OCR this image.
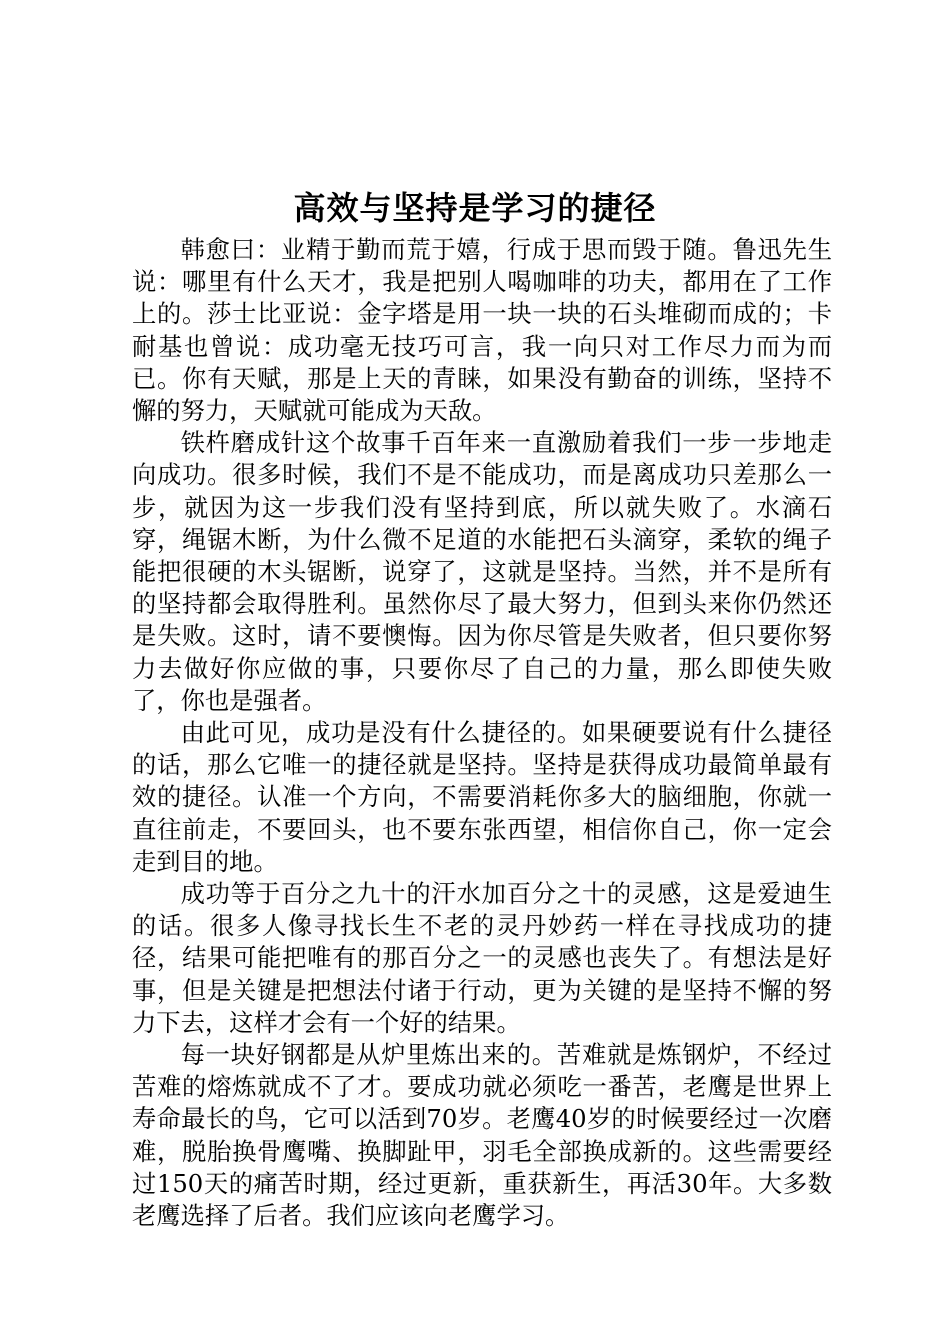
高效与坚持是学习的捷径

韩愈曰：业精于勤而荒于嬉，行成于思而毁于随。鲁迅先生说：哪里有什么天才，我是把别人喝咖啡的功夫，都用在了工作上的。莎士比亚说：金字塔是用一块一块的石头堆砌而成的；卡耐基也曾说：成功毫无技巧可言，我一向只对工作尽力而为而已。你有天赋，那是上天的青睐，如果没有勤奋的训练，坚持不懈的努力，天赋就可能成为天敌。

铁杵磨成针这个故事千百年来一直激励着我们一步一步地走向成功。很多时候，我们不是不能成功，而是离成功只差那么一步，就因为这一步我们没有坚持到底，所以就失败了。水滴石穿，绳锯木断，为什么微不足道的水能把石头滴穿，柔软的绳子能把很硬的木头锯断，说穿了，这就是坚持。当然，并不是所有的坚持都会取得胜利。虽然你尽了最大努力，但到头来你仍然还是失败。这时，请不要懊悔。因为你尽管是失败者，但只要你努力去做好你应做的事，只要你尽了自己的力量，那么即使失败了，你也是强者。

由此可见，成功是没有什么捷径的。如果硬要说有什么捷径的话，那么它唯一的捷径就是坚持。坚持是获得成功最简单最有效的捷径。认准一个方向，不需要消耗你多大的脑细胞，你就一直往前走，不要回头，也不要东张西望，相信你自己，你一定会走到目的地。

成功等于百分之九十的汗水加百分之十的灵感，这是爱迪生的话。很多人像寻找长生不老的灵丹妙药一样在寻找成功的捷径，结果可能把唯有的那百分之一的灵感也丧失了。有想法是好事，但是关键是把想法付诸于行动，更为关键的是坚持不懈的努力下去，这样才会有一个好的结果。

每一块好钢都是从炉里炼出来的。苦难就是炼钢炉，不经过苦难的熔炼就成不了才。要成功就必须吃一番苦，老鹰是世界上寿命最长的鸟，它可以活到70岁。老鹰40岁的时候要经过一次磨难，脱胎换骨鹰嘴、换脚趾甲，羽毛全部换成新的。这些需要经过150天的痛苦时期，经过更新，重获新生，再活30年。大多数老鹰选择了后者。我们应该向老鹰学习。
